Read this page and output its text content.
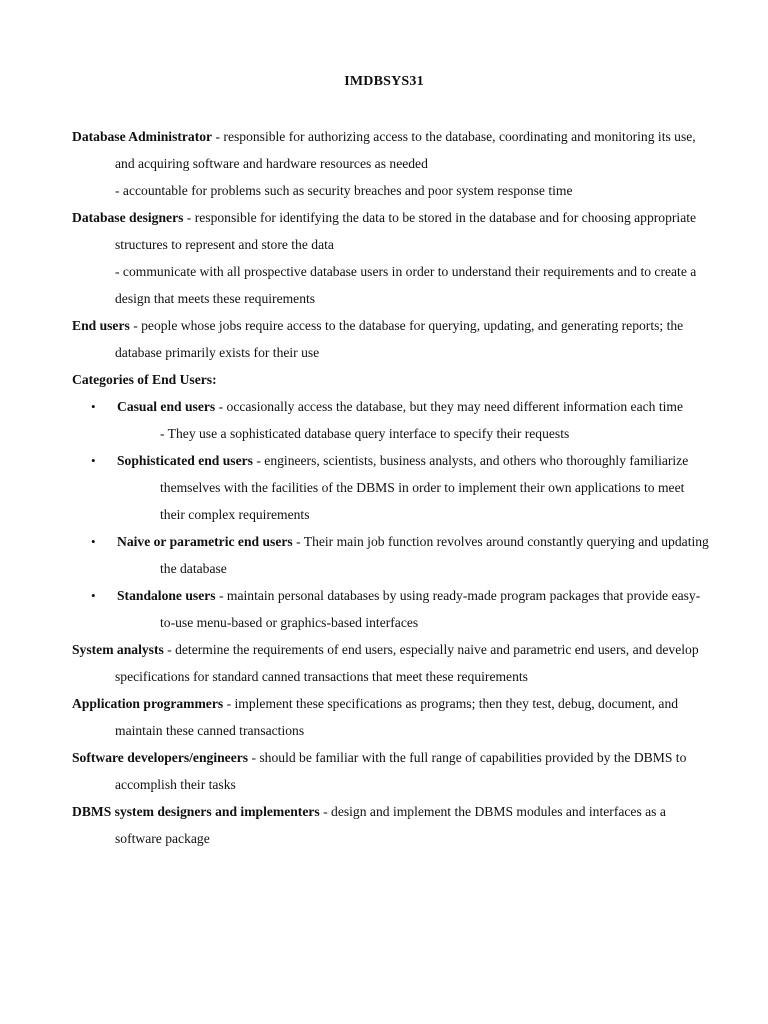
IMDBSYS31

Database Administrator - responsible for authorizing access to the database, coordinating and monitoring its use, and acquiring software and hardware resources as needed

- accountable for problems such as security breaches and poor system response time

Database designers - responsible for identifying the data to be stored in the database and for choosing appropriate structures to represent and store the data

- communicate with all prospective database users in order to understand their requirements and to create a design that meets these requirements

End users - people whose jobs require access to the database for querying, updating, and generating reports; the database primarily exists for their use

Categories of End Users:

• Casual end users - occasionally access the database, but they may need different information each time

- They use a sophisticated database query interface to specify their requests

• Sophisticated end users - engineers, scientists, business analysts, and others who thoroughly familiarize themselves with the facilities of the DBMS in order to implement their own applications to meet their complex requirements

• Naive or parametric end users - Their main job function revolves around constantly querying and updating the database

• Standalone users - maintain personal databases by using ready-made program packages that provide easy-to-use menu-based or graphics-based interfaces

System analysts - determine the requirements of end users, especially naive and parametric end users, and develop specifications for standard canned transactions that meet these requirements

Application programmers - implement these specifications as programs; then they test, debug, document, and maintain these canned transactions

Software developers/engineers - should be familiar with the full range of capabilities provided by the DBMS to accomplish their tasks

DBMS system designers and implementers - design and implement the DBMS modules and interfaces as a software package
